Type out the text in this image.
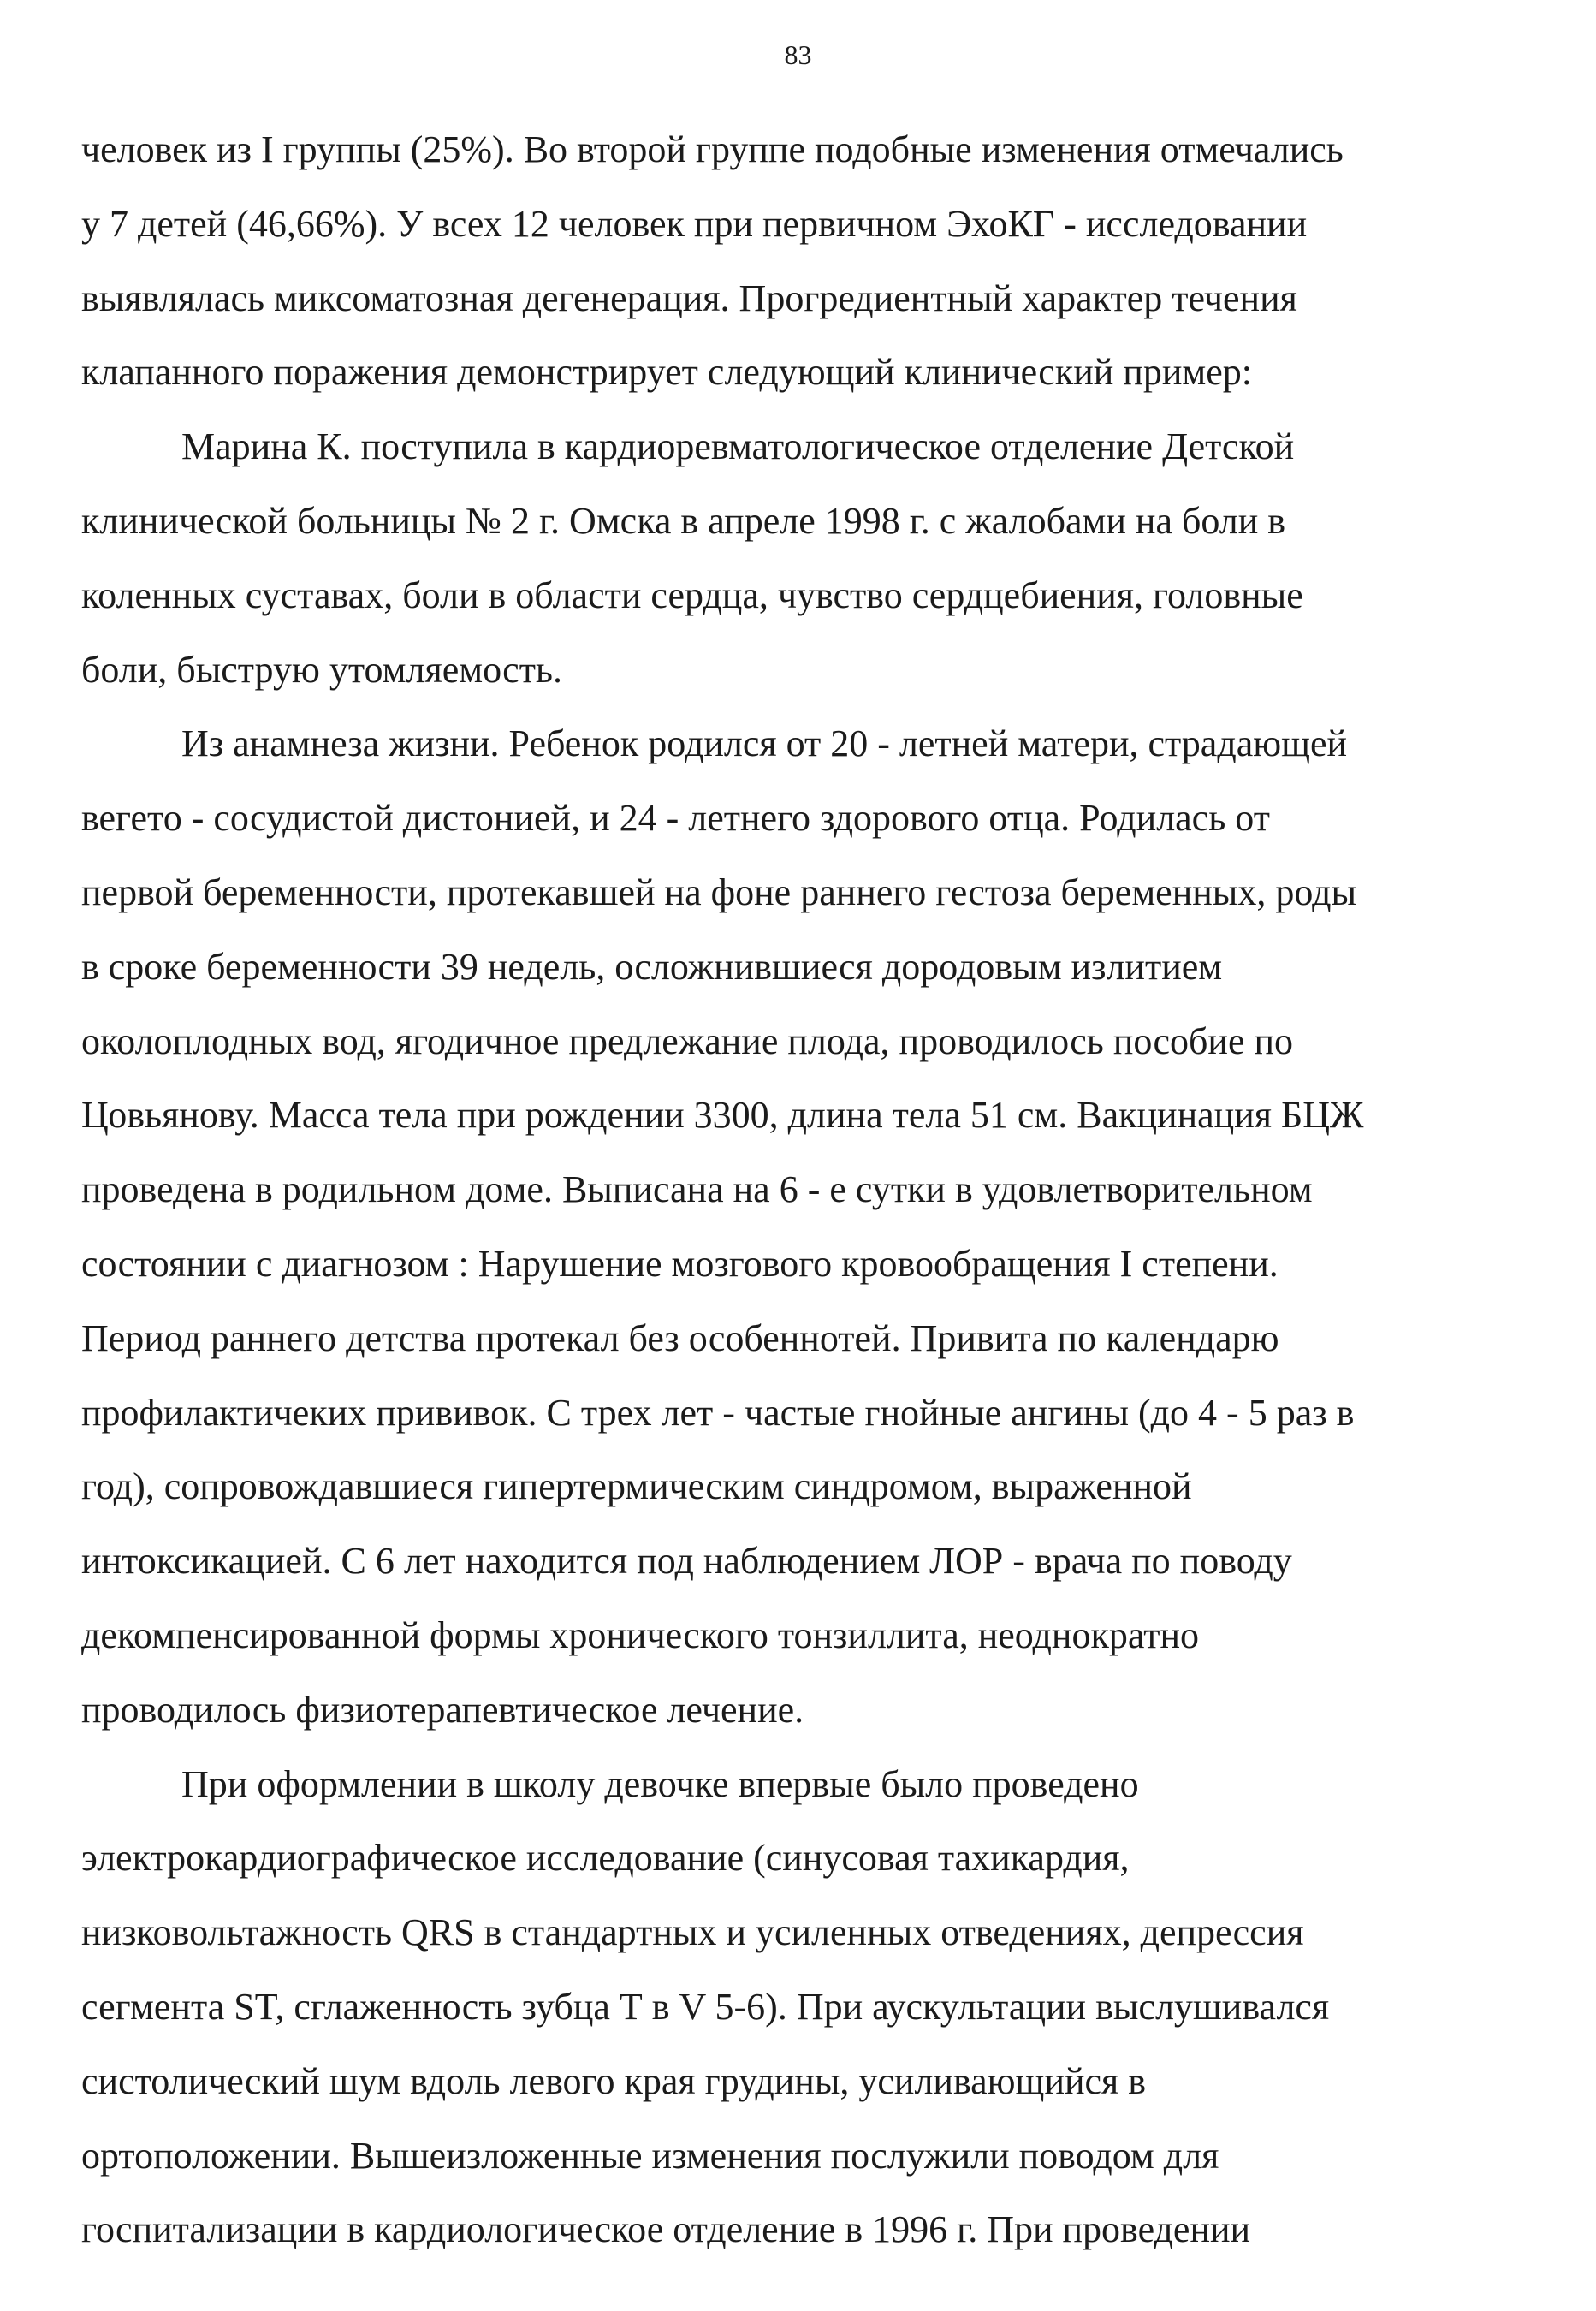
83
человек из I группы (25%). Во второй группе подобные изменения отмечались
у 7 детей (46,66%). У всех 12 человек при первичном ЭхоКГ - исследовании
выявлялась миксоматозная дегенерация. Прогредиентный характер течения
клапанного поражения демонстрирует следующий клинический пример:
Марина К. поступила в кардиоревматологическое отделение Детской
клинической больницы № 2 г. Омска в апреле 1998 г. с жалобами на боли в
коленных суставах, боли в области сердца, чувство сердцебиения, головные
боли, быструю утомляемость.
Из анамнеза жизни. Ребенок родился от 20 - летней матери, страдающей
вегето - сосудистой дистонией, и 24 - летнего здорового отца. Родилась от
первой беременности, протекавшей на фоне раннего гестоза беременных, роды
в сроке беременности 39 недель, осложнившиеся дородовым излитием
околоплодных вод, ягодичное предлежание плода, проводилось пособие по
Цовьянову. Масса тела при рождении 3300, длина тела 51 см. Вакцинация БЦЖ
проведена в родильном доме. Выписана на 6 - е сутки в удовлетворительном
состоянии с диагнозом : Нарушение мозгового кровообращения I степени.
Период раннего детства протекал без особеннотей. Привита по календарю
профилактичеких прививок. С трех лет - частые гнойные ангины (до 4 - 5 раз в
год), сопровождавшиеся гипертермическим синдромом, выраженной
интоксикацией. С 6 лет находится под наблюдением ЛОР - врача по поводу
декомпенсированной формы хронического тонзиллита, неоднократно
проводилось физиотерапевтическое лечение.
При оформлении в школу девочке впервые было проведено
электрокардиографическое исследование (синусовая тахикардия,
низковольтажность QRS в стандартных и усиленных отведениях, депрессия
сегмента ST, сглаженность зубца Т в V 5-6). При аускультации выслушивался
систолический шум вдоль левого края грудины, усиливающийся в
ортоположении. Вышеизложенные изменения послужили поводом для
госпитализации в кардиологическое отделение в 1996 г. При проведении
